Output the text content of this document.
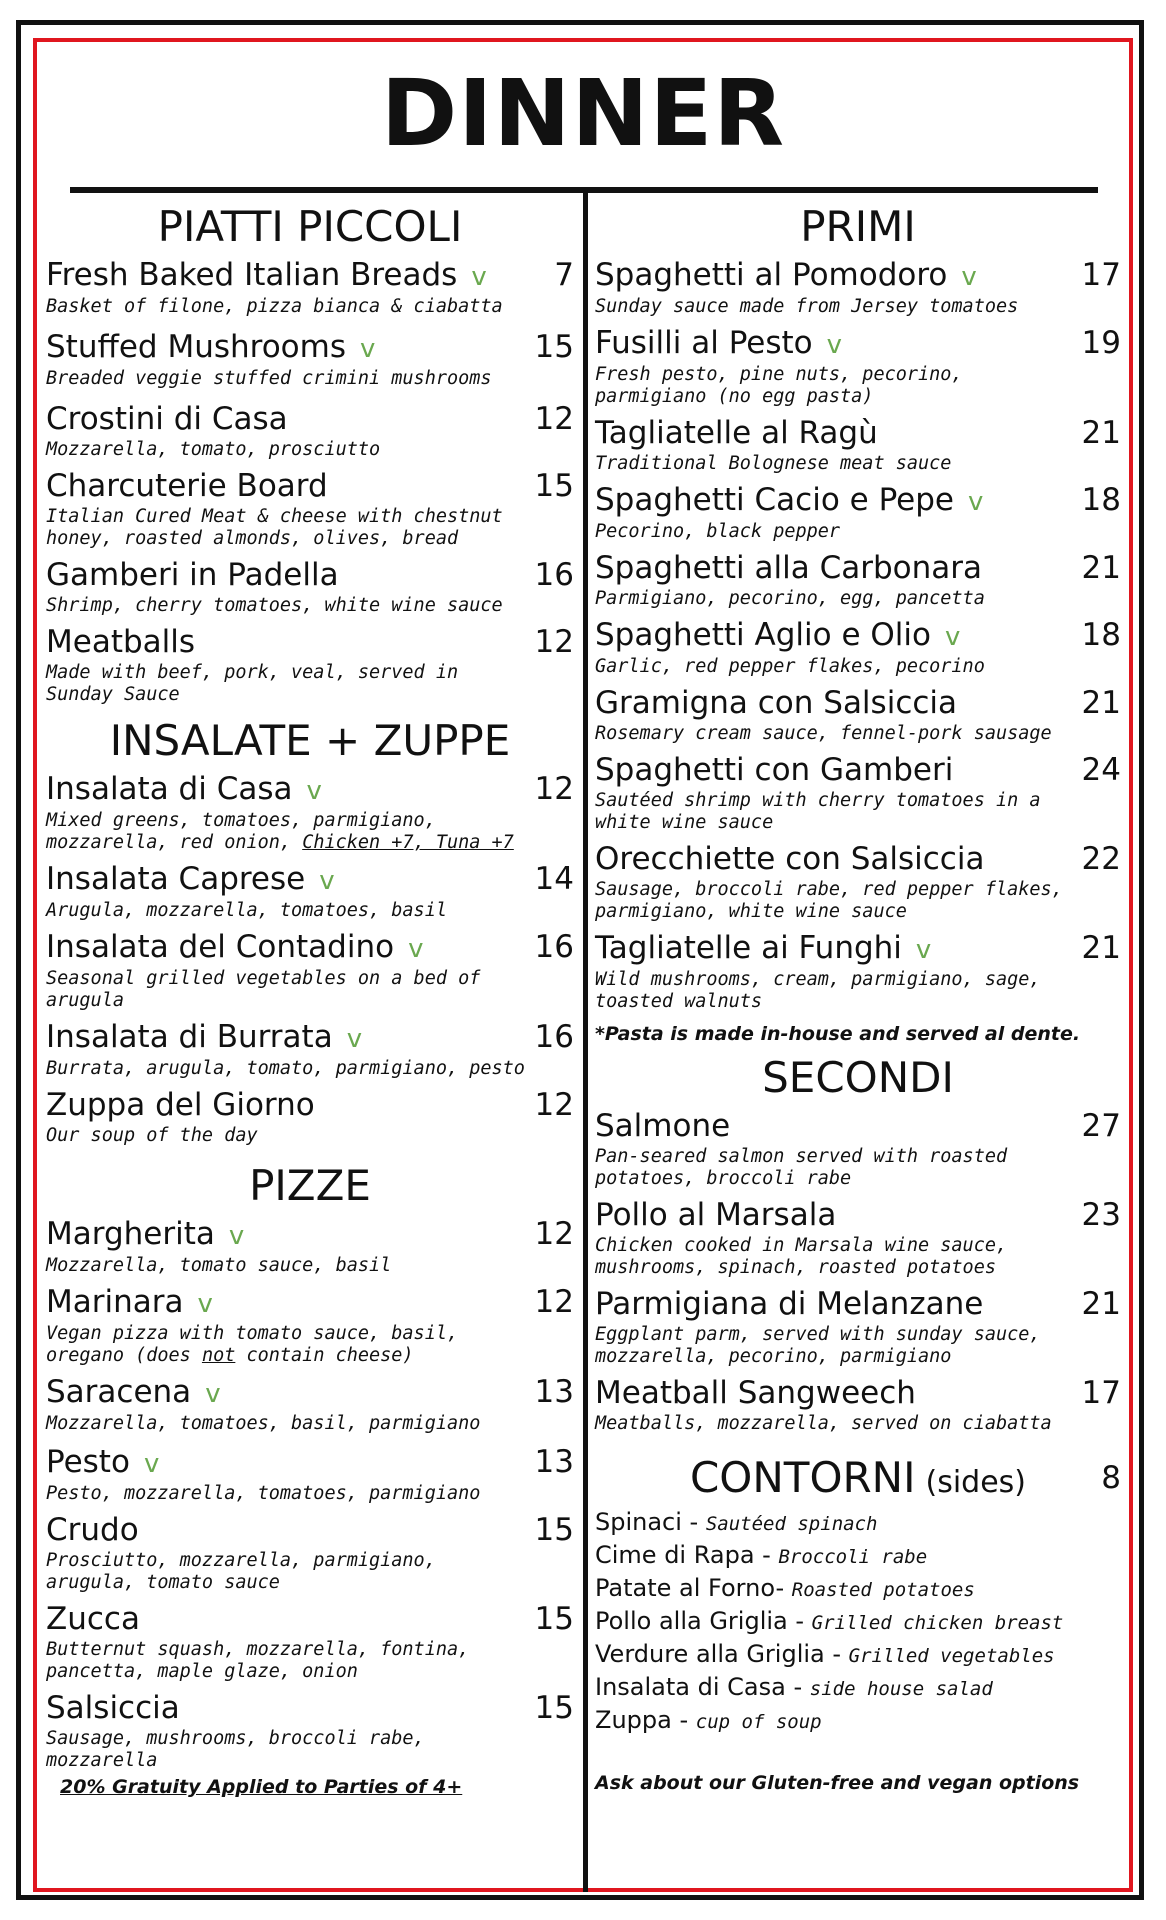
DINNER
PIATTI PICCOLI
Fresh Baked Italian Breads v 7
Basket of filone, pizza bianca & ciabatta
Stuffed Mushrooms v	15
Breaded veggie stuffed crimini mushrooms
Crostini di Casa	12
Mozzarella, tomato, prosciutto
Charcuterie Board	15
Italian Cured Meat & cheese with chestnut
honey, roasted almonds, olives, bread
Gamberi in Padella	16
Shrimp, cherry tomatoes, white wine sauce
Meatballs	12
Made with beef, pork, veal, served in
Sunday Sauce
INSALATE + ZUPPE
Insalata di Casa v	12
Mixed greens, tomatoes, parmigiano,
mozzarella, red onion, Chicken +7, Tuna +7
Insalata Caprese v	14
Arugula, mozzarella, tomatoes, basil
Insalata del Contadino v	16
Seasonal grilled vegetables on a bed of
arugula
Insalata di Burrata v	16
Burrata, arugula, tomato, parmigiano, pesto
Zuppa del Giorno	12
Our soup of the day
PIZZE
Margherita v	12
Mozzarella, tomato sauce, basil
Marinara v	12
Vegan pizza with tomato sauce, basil,
oregano (does not contain cheese)
Saracena v	13
Mozzarella, tomatoes, basil, parmigiano
Pesto v	13
Pesto, mozzarella, tomatoes, parmigiano
Crudo	15
Prosciutto, mozzarella, parmigiano,
arugula, tomato sauce
Zucca	15
Butternut squash, mozzarella, fontina,
pancetta, maple glaze, onion
Salsiccia	15
Sausage, mushrooms, broccoli rabe,
mozzarella
20% Gratuity Applied to Parties of 4+
PRIMI
Spaghetti al Pomodoro v	17
Sunday sauce made from Jersey tomatoes
Fusilli al Pesto v	19
Fresh pesto, pine nuts, pecorino,
parmigiano (no egg pasta)
Tagliatelle al Ragù	21
Traditional Bolognese meat sauce
Spaghetti Cacio e Pepe v	18
Pecorino, black pepper
Spaghetti alla Carbonara	21
Parmigiano, pecorino, egg, pancetta
Spaghetti Aglio e Olio v	18
Garlic, red pepper flakes, pecorino
Gramigna con Salsiccia	21
Rosemary cream sauce, fennel-pork sausage
Spaghetti con Gamberi	24
Sautéed shrimp with cherry tomatoes in a
white wine sauce
Orecchiette con Salsiccia	22
Sausage, broccoli rabe, red pepper flakes,
parmigiano, white wine sauce
Tagliatelle ai Funghi v	21
Wild mushrooms, cream, parmigiano, sage,
toasted walnuts
*Pasta is made in-house and served al dente.
SECONDI
Salmone	27
Pan-seared salmon served with roasted
potatoes, broccoli rabe
Pollo al Marsala	23
Chicken cooked in Marsala wine sauce,
mushrooms, spinach, roasted potatoes
Parmigiana di Melanzane	21
Eggplant parm, served with sunday sauce,
mozzarella, pecorino, parmigiano
Meatball Sangweech	17
Meatballs, mozzarella, served on ciabatta
CONTORNI (sides) 8
Spinaci - Sautéed spinach
Cime di Rapa - Broccoli rabe
Patate al Forno- Roasted potatoes
Pollo alla Griglia - Grilled chicken breast
Verdure alla Griglia - Grilled vegetables
Insalata di Casa - side house salad
Zuppa - cup of soup
Ask about our Gluten-free and vegan options
